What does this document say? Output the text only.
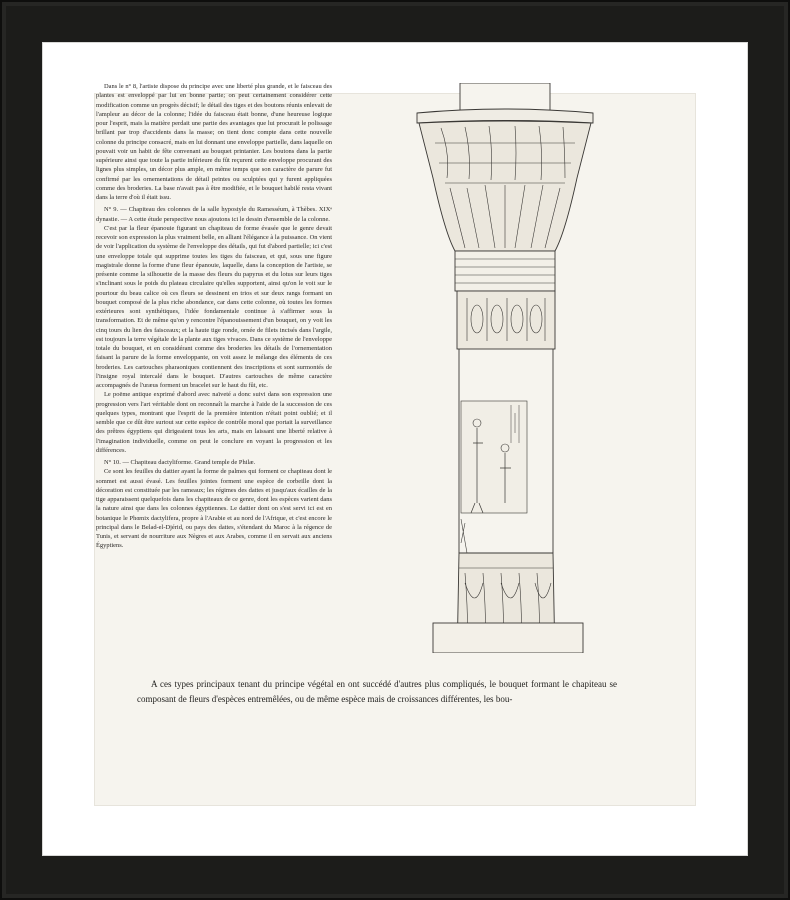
Dans le n° 8, l'artiste dispose du principe avec une liberté plus grande, et le faisceau des plantes est enveloppé par lui en bonne partie; on peut certainement considérer cette modification comme un progrès décisif; le détail des tiges et des boutons réunis enlevait de l'ampleur au décor de la colonne; l'idée du faisceau était bonne, d'une heureuse logique pour l'esprit, mais la matière perdait une partie des avantages que lui procurait le polissage brillant par trop d'accidents dans la masse; on tient donc compte dans cette nouvelle colonne du principe consacré, mais en lui donnant une enveloppe partielle, dans laquelle on pouvait voir un habit de fête convenant au bouquet printanier. Les boutons dans la partie supérieure ainsi que toute la partie inférieure du fût reçurent cette enveloppe procurant des lignes plus simples, un décor plus ample, en même temps que son caractère de parure fut confirmé par les ornementations de détail peintes ou sculptées qui y furent appliquées comme des broderies. La base n'avait pas à être modifiée, et le bouquet habilé resta vivant dans la terre d'où il était issu.

N° 9. — Chapiteau des colonnes de la salle hypostyle du Ramesséum, à Thèbes. XIXᵉ dynastie. — A cette étude perspective nous ajoutons ici le dessin d'ensemble de la colonne.

C'est par la fleur épanouie figurant un chapiteau de forme évasée que le genre devait recevoir son expression la plus vraiment belle, en alliant l'élégance à la puissance. On vient de voir l'application du système de l'enveloppe des détails, qui fut d'abord partielle; ici c'est une enveloppe totale qui supprime toutes les tiges du faisceau, et qui, sous une figure magistrale donne la forme d'une fleur épanouie, laquelle, dans la conception de l'artiste, se présente comme la silhouette de la masse des fleurs du papyrus et du lotus sur leurs tiges s'inclinant sous le poids du plateau circulaire qu'elles supportent, ainsi qu'on le voit sur le pourtour du beau calice où ces fleurs se dessinent en trios et sur deux rangs formant un bouquet composé de la plus riche abondance, car dans cette colonne, où toutes les formes extérieures sont synthétiques, l'idée fondamentale continue à s'affirmer sous la transformation. Et de même qu'on y rencontre l'épanouissement d'un bouquet, on y voit les cinq tours du lien des faisceaux; et la haute tige ronde, ornée de filets incisés dans l'argile, est toujours la terre végétale de la plante aux tiges vivaces. Dans ce système de l'enveloppe totale du bouquet, et en considérant comme des broderies les détails de l'ornementation faisant la parure de la forme enveloppante, on voit assez le mélange des éléments de ces broderies. Les cartouches pharaoniques contiennent des inscriptions et sont surmontés de l'insigne royal intercalé dans le bouquet. D'autres cartouches de même caractère accompagnés de l'uræus forment un bracelet sur le haut du fût, etc.

Le poëme antique exprimé d'abord avec naïveté a donc suivi dans son expression une progression vers l'art véritable dont on reconnaît la marche à l'aide de la succession de ces quelques types, montrant que l'esprit de la première intention n'était point oublié; et il semble que ce dût être surtout sur cette espèce de contrôle moral que portait la surveillance des prêtres égyptiens qui dirigeaient tous les arts, mais en laissant une liberté relative à l'imagination individuelle, comme on peut le conclure en voyant la progression et les différences.

N° 10. — Chapiteau dactyliforme. Grand temple de Philæ.

Ce sont les feuilles du dattier ayant la forme de palmes qui forment ce chapiteau dont le sommet est aussi évasé. Les feuilles jointes forment une espèce de corbeille dont la décoration est constituée par les rameaux; les régimes des dattes et jusqu'aux écailles de la tige apparaissent quelquefois dans les chapiteaux de ce genre, dont les espèces varient dans la nature ainsi que dans les colonnes égyptiennes. Le dattier dont on s'est servi ici est en botanique le Phœnix dactylifera, propre à l'Arabie et au nord de l'Afrique, et c'est encore le principal dans le Belad-el-Djérid, ou pays des dattes, s'étendant du Maroc à la régence de Tunis, et servant de nourriture aux Nègres et aux Arabes, comme il en servait aux anciens Égyptiens.

A ces types principaux tenant du principe végétal en ont succédé d'autres plus compliqués, le bouquet formant le chapiteau se composant de fleurs d'espèces entremêlées, ou de même espèce mais de croissances différentes, les bou-
